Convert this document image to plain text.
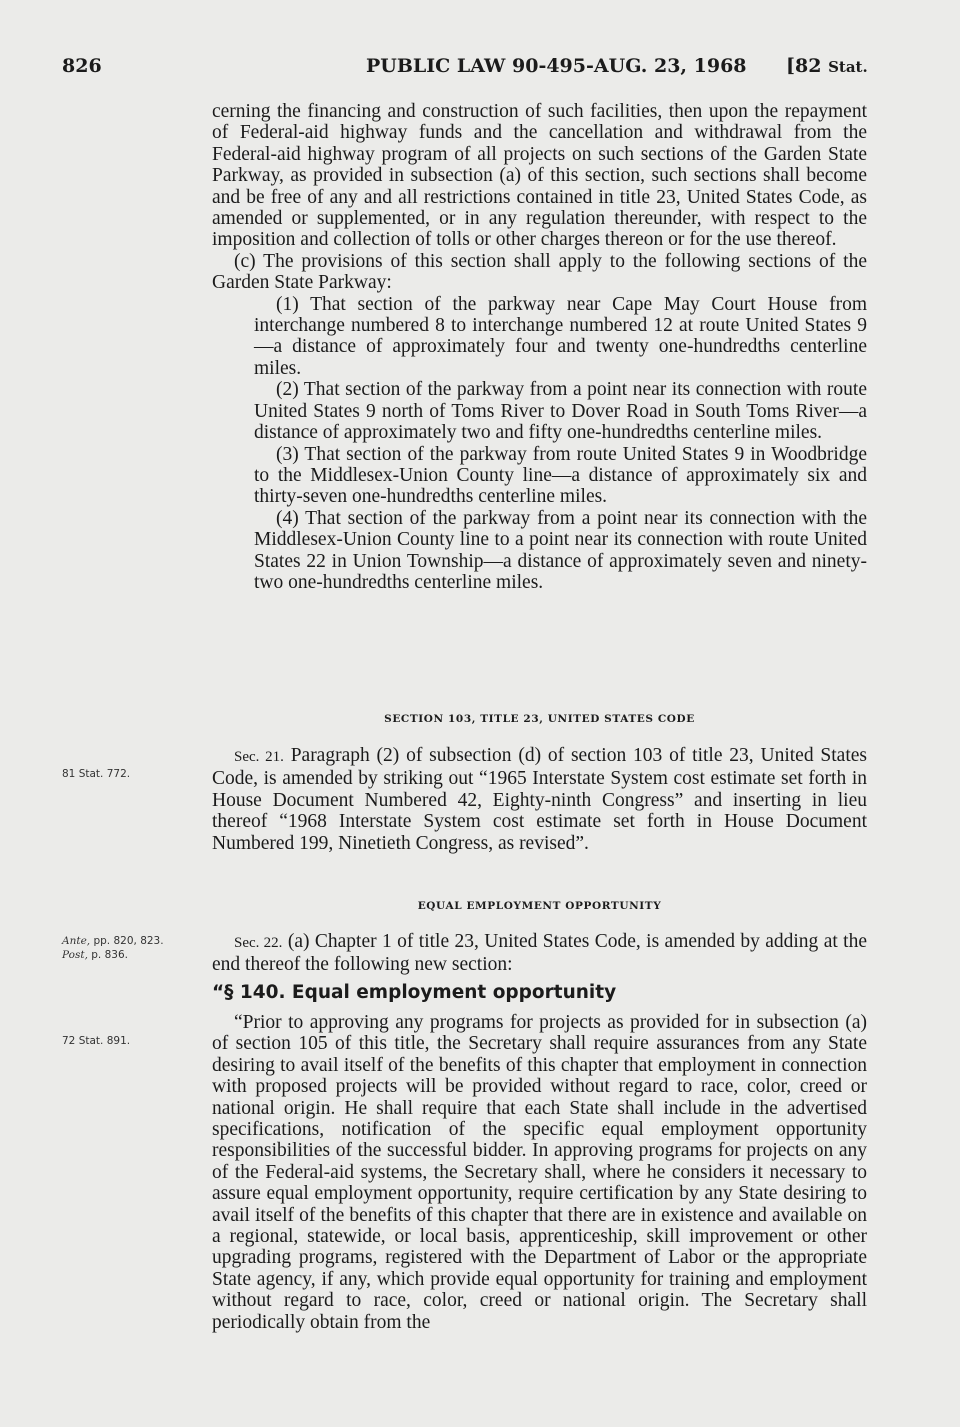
826	PUBLIC LAW 90-495-AUG. 23, 1968 [82 Stat.

cerning the financing and construction of such facilities, then upon the repayment of Federal-aid highway funds and the cancellation and withdrawal from the Federal-aid highway program of all projects on such sections of the Garden State Parkway, as provided in subsection (a) of this section, such sections shall become and be free of any and all restrictions contained in title 23, United States Code, as amended or supplemented, or in any regulation thereunder, with respect to the imposition and collection of tolls or other charges thereon or for the use thereof.

(c) The provisions of this section shall apply to the following sections of the Garden State Parkway:

(1) That section of the parkway near Cape May Court House from interchange numbered 8 to interchange numbered 12 at route United States 9—a distance of approximately four and twenty one-hundredths centerline miles.

(2) That section of the parkway from a point near its connection with route United States 9 north of Toms River to Dover Road in South Toms River—a distance of approximately two and fifty one-hundredths centerline miles.

(3) That section of the parkway from route United States 9 in Woodbridge to the Middlesex-Union County line—a distance of approximately six and thirty-seven one-hundredths centerline miles.

(4) That section of the parkway from a point near its connection with the Middlesex-Union County line to a point near its connection with route United States 22 in Union Township—a distance of approximately seven and ninety-two one-hundredths centerline miles.

SECTION 103, TITLE 23, UNITED STATES CODE
81 Stat. 772.

Sec. 21. Paragraph (2) of subsection (d) of section 103 of title 23, United States Code, is amended by striking out “1965 Interstate System cost estimate set forth in House Document Numbered 42, Eighty-ninth Congress” and inserting in lieu thereof “1968 Interstate System cost estimate set forth in House Document Numbered 199, Ninetieth Congress, as revised”.

EQUAL EMPLOYMENT OPPORTUNITY
Ante, pp. 820, 823.
Post, p. 836.

Sec. 22. (a) Chapter 1 of title 23, United States Code, is amended by adding at the end thereof the following new section:

“§ 140. Equal employment opportunity
72 Stat. 891.

“Prior to approving any programs for projects as provided for in subsection (a) of section 105 of this title, the Secretary shall require assurances from any State desiring to avail itself of the benefits of this chapter that employment in connection with proposed projects will be provided without regard to race, color, creed or national origin. He shall require that each State shall include in the advertised specifications, notification of the specific equal employment opportunity responsibilities of the successful bidder. In approving programs for projects on any of the Federal-aid systems, the Secretary shall, where he considers it necessary to assure equal employment opportunity, require certification by any State desiring to avail itself of the benefits of this chapter that there are in existence and available on a regional, statewide, or local basis, apprenticeship, skill improvement or other upgrading programs, registered with the Department of Labor or the appropriate State agency, if any, which provide equal opportunity for training and employment without regard to race, color, creed or national origin. The Secretary shall periodically obtain from the
